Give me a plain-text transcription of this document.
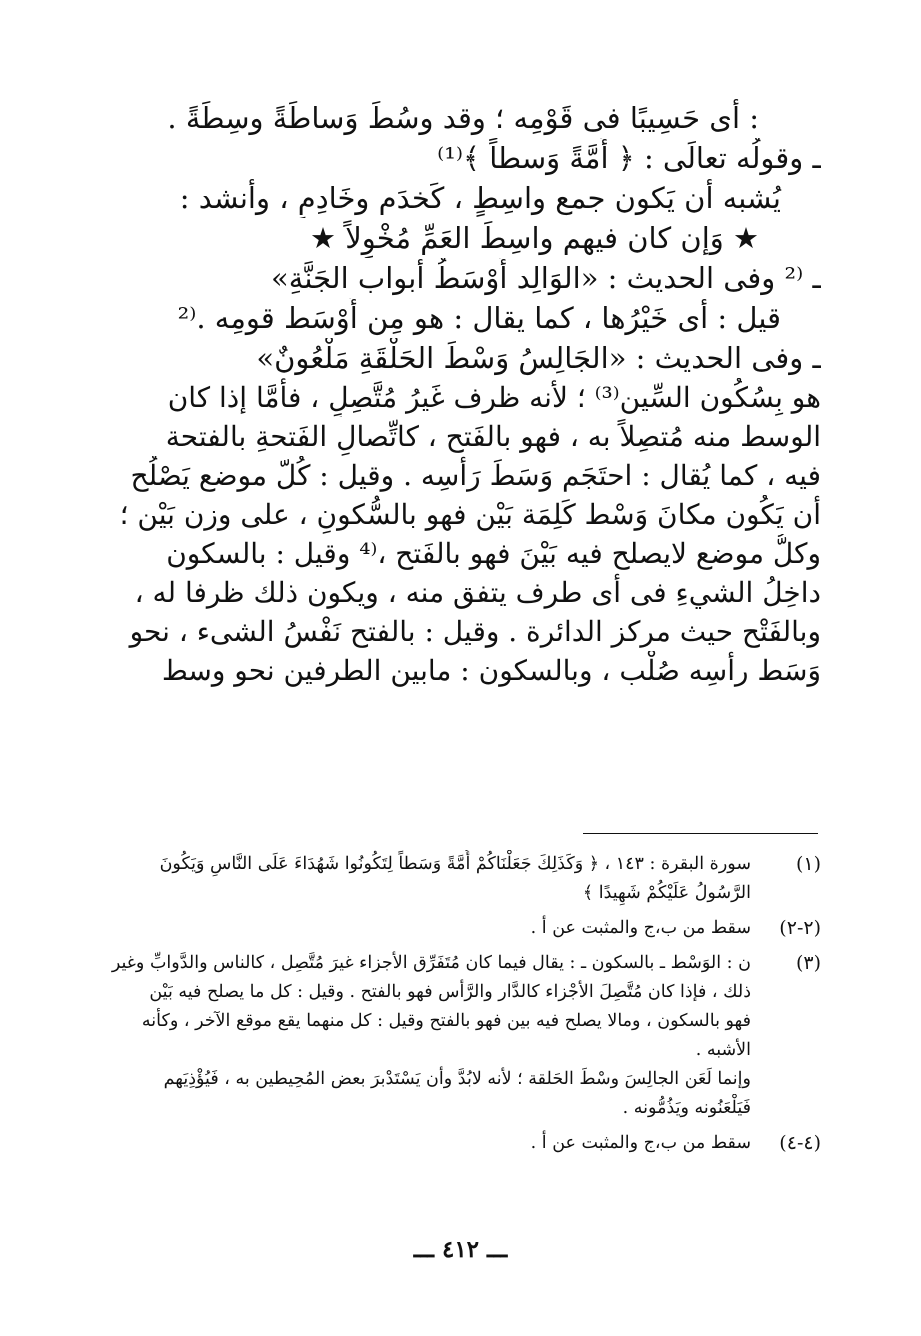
: أى حَسِيبًا فى قَوْمِه ؛ وقد وسُطَ وَساطَةً وسِطَةً .
ـ وقولُه تعالَى : ﴿ أُمَّةً وَسطاً ﴾⁽¹⁾
يُشبه أن يَكون جمع واسِطٍ ، كَخدَم وخَادِمٍ ، وأنشد :
★ وَإن كان فيهم واسِطَ العَمِّ مُخْوِلاً ★
ـ ⁽² وفى الحديث : «الوَالِد أَوْسَطُ أبواب الجَنَّةِ»
قيل : أى خَيْرُها ، كما يقال : هو مِن أَوْسَط قومِه .⁽²
ـ وفى الحديث : «الجَالِسُ وَسْطَ الحَلْقَةِ مَلْعُونٌ»
هو بِسُكُون السِّين⁽³⁾ ؛ لأنه ظرف غَيرُ مُتَّصِلٍ ، فأمَّا إذا كان
الوسط منه مُتصِلاً به ، فهو بالفَتح ، كاتِّصالِ الفَتحةِ بالفتحة
فيه ، كما يُقال : احتَجَم وَسَطَ رَأسِه . وقيل : كُلّ موضع يَصْلُح
أن يَكُون مكانَ وَسْط كَلِمَة بَيْن فهو بالسُّكونِ ، على وزن بَيْن ؛
وكلُّ موضع لايصلح فيه بَيْنَ فهو بالفَتح ،⁽⁴ وقيل : بالسكون
داخِلُ الشيءِ فى أى طرف يتفق منه ، ويكون ذلك ظرفا له ،
وبالفَتْح حيث مركز الدائرة . وقيل : بالفتح نَفْسُ الشىء ، نحو
وَسَط رأسِه صُلْب ، وبالسكون : مابين الطرفين نحو وسط
(١)
سورة البقرة : ١٤٣ ، ﴿ وَكَذَلِكَ جَعَلْنَاكُمْ أُمَّةً وَسَطاً لِتَكُونُوا شَهُدَاءَ عَلَى النَّاسِ وَيَكُونَ
الرَّسُولُ عَلَيْكُمْ شَهِيدًا ﴾
(٢-٢)
سقط من ب،ج والمثبت عن أ .
(٣)
ن : الوَسْط ـ بالسكون ـ : يقال فيما كان مُتَفَرِّق الأجزاء غيرَ مُتَّصِل ، كالناس والدَّوابِّ وغير
ذلك ، فإذا كان مُتَّصِلَ الأجْزاء كالدَّار والرَّأس فهو بالفتح . وقيل : كل ما يصلح فيه بَيْن
فهو بالسكون ، ومالا يصلح فيه بين فهو بالفتح وقيل : كل منهما يقع موقع الآخر ، وكأنه
الأشبه .
وإنما لَعَن الجالِسَ وسْطَ الحَلقة ؛ لأنه لابُدَّ وأن يَسْتَدْبرَ بعض المُحِيطين به ، فَيُؤْذِيَهم
فَيَلْعَنُونه ويَذُمُّونه .
(٤-٤)
سقط من ب،ج والمثبت عن أ .
ـــ ٤١٢ ـــ
